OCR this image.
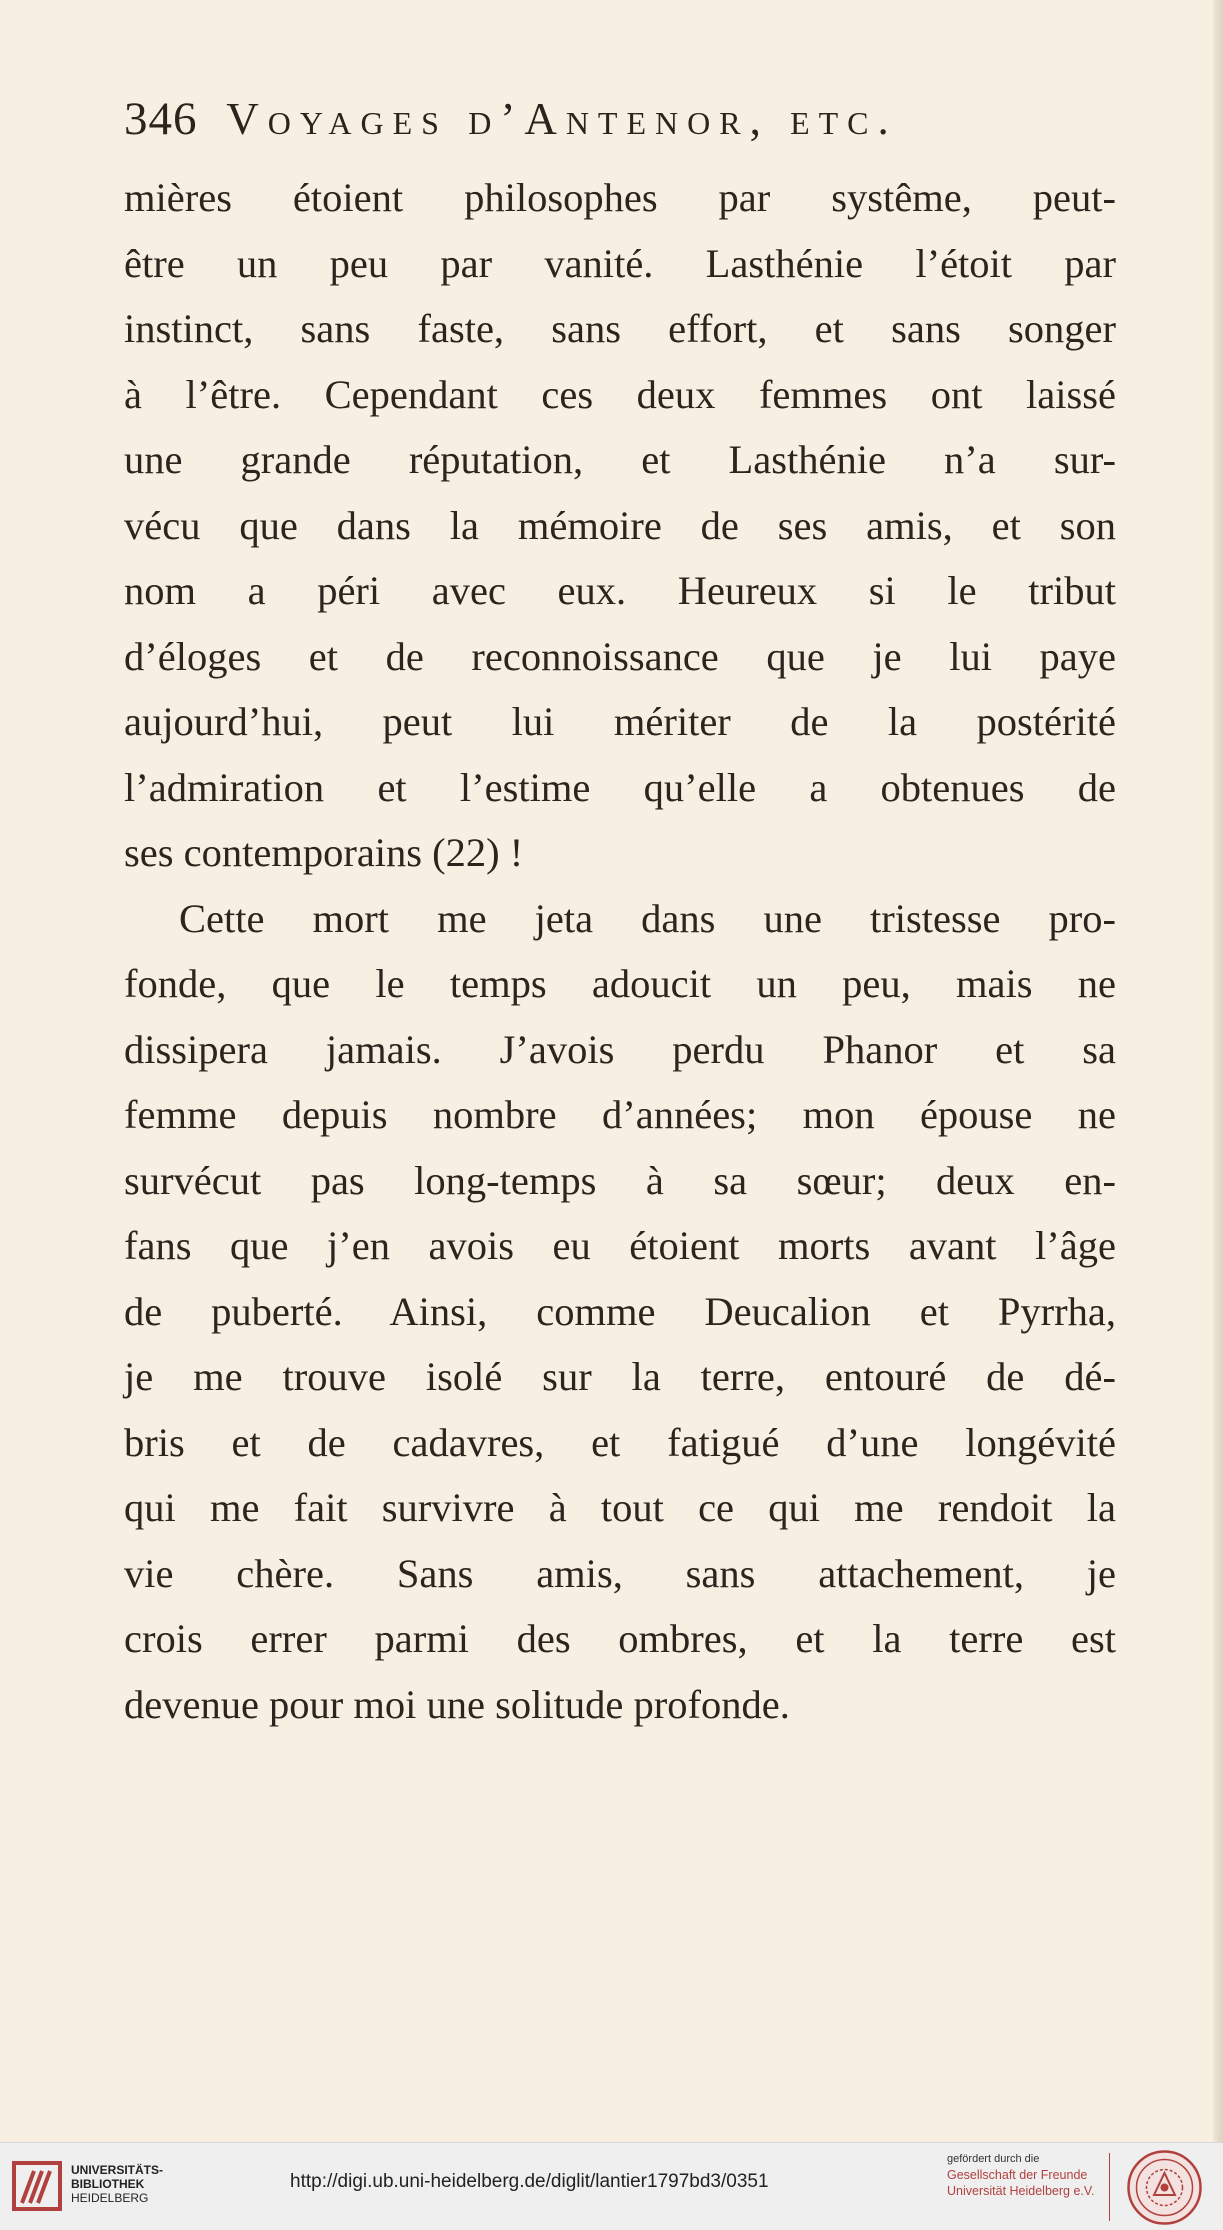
346 Voyages d’Antenor, etc.
mières étoient philosophes par systême, peut-
être un peu par vanité. Lasthénie l’étoit par
instinct, sans faste, sans effort, et sans songer
à l’être. Cependant ces deux femmes ont laissé
une grande réputation, et Lasthénie n’a sur-
vécu que dans la mémoire de ses amis, et son
nom a péri avec eux. Heureux si le tribut
d’éloges et de reconnoissance que je lui paye
aujourd’hui, peut lui mériter de la postérité
l’admiration et l’estime qu’elle a obtenues de
ses contemporains (22) !
Cette mort me jeta dans une tristesse pro-
fonde, que le temps adoucit un peu, mais ne
dissipera jamais. J’avois perdu Phanor et sa
femme depuis nombre d’années; mon épouse ne
survécut pas long-temps à sa sœur; deux en-
fans que j’en avois eu étoient morts avant l’âge
de puberté. Ainsi, comme Deucalion et Pyrrha,
je me trouve isolé sur la terre, entouré de dé-
bris et de cadavres, et fatigué d’une longévité
qui me fait survivre à tout ce qui me rendoit la
vie chère. Sans amis, sans attachement, je
crois errer parmi des ombres, et la terre est
devenue pour moi une solitude profonde.
UNIVERSITÄTS-
BIBLIOTHEK
HEIDELBERG
http://digi.ub.uni-heidelberg.de/diglit/lantier1797bd3/0351
gefördert durch die
Gesellschaft der Freunde
Universität Heidelberg e.V.
